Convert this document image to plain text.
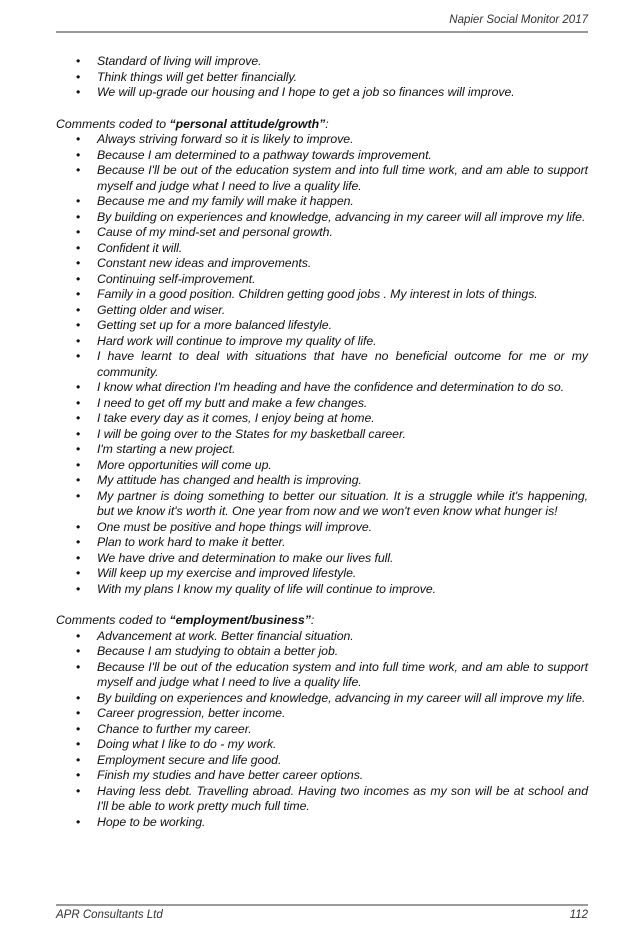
Napier Social Monitor 2017
• Standard of living will improve.
• Think things will get better financially.
• We will up-grade our housing and I hope to get a job so finances will improve.
Comments coded to “personal attitude/growth”:
• Always striving forward so it is likely to improve.
• Because I am determined to a pathway towards improvement.
• Because I'll be out of the education system and into full time work, and am able to support myself and judge what I need to live a quality life.
• Because me and my family will make it happen.
• By building on experiences and knowledge, advancing in my career will all improve my life.
• Cause of my mind-set and personal growth.
• Confident it will.
• Constant new ideas and improvements.
• Continuing self-improvement.
• Family in a good position. Children getting good jobs . My interest in lots of things.
• Getting older and wiser.
• Getting set up for a more balanced lifestyle.
• Hard work will continue to improve my quality of life.
• I have learnt to deal with situations that have no beneficial outcome for me or my community.
• I know what direction I'm heading and have the confidence and determination to do so.
• I need to get off my butt and make a few changes.
• I take every day as it comes, I enjoy being at home.
• I will be going over to the States for my basketball career.
• I'm starting a new project.
• More opportunities will come up.
• My attitude has changed and health is improving.
• My partner is doing something to better our situation. It is a struggle while it's happening, but we know it's worth it. One year from now and we won't even know what hunger is!
• One must be positive and hope things will improve.
• Plan to work hard to make it better.
• We have drive and determination to make our lives full.
• Will keep up my exercise and improved lifestyle.
• With my plans I know my quality of life will continue to improve.
Comments coded to “employment/business”:
• Advancement at work. Better financial situation.
• Because I am studying to obtain a better job.
• Because I'll be out of the education system and into full time work, and am able to support myself and judge what I need to live a quality life.
• By building on experiences and knowledge, advancing in my career will all improve my life.
• Career progression, better income.
• Chance to further my career.
• Doing what I like to do - my work.
• Employment secure and life good.
• Finish my studies and have better career options.
• Having less debt. Travelling abroad. Having two incomes as my son will be at school and I'll be able to work pretty much full time.
• Hope to be working.
APR Consultants Ltd	112
